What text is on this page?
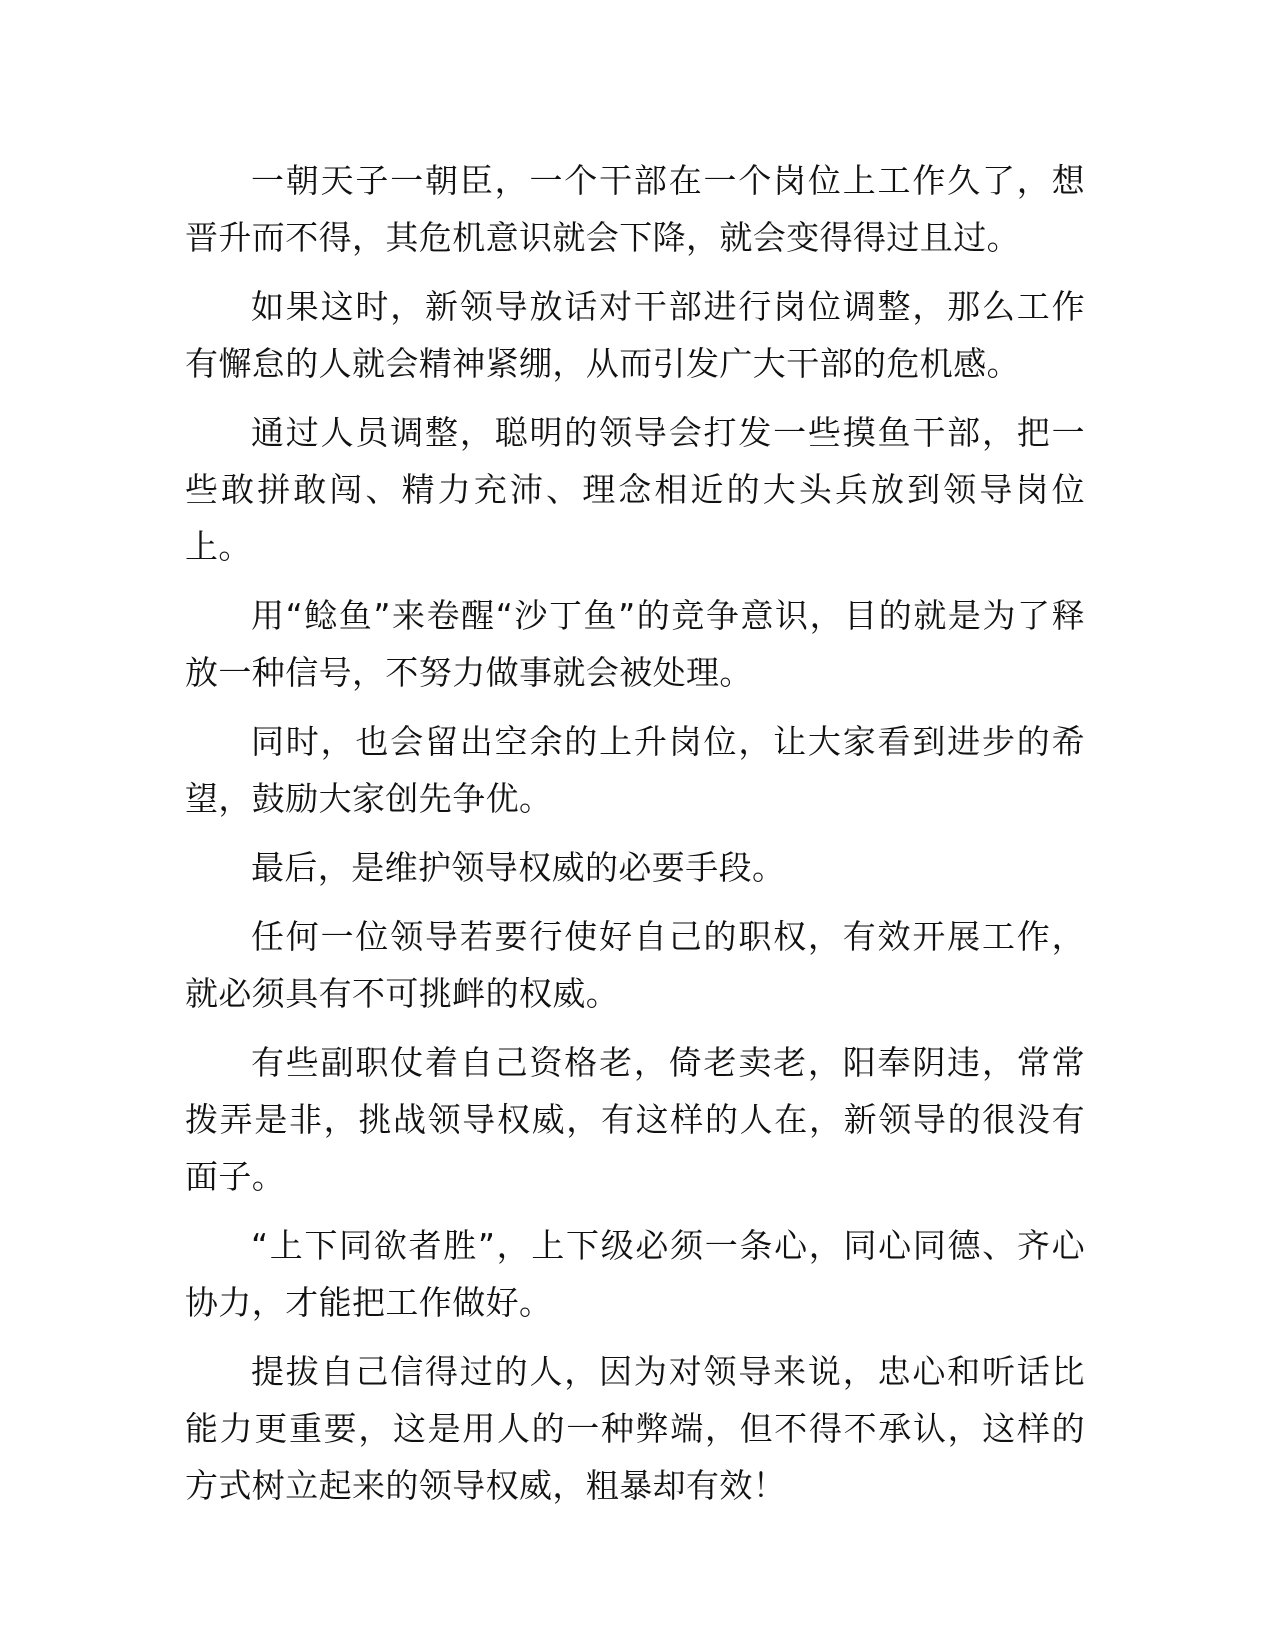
一朝天子一朝臣，一个干部在一个岗位上工作久了，想晋升而不得，其危机意识就会下降，就会变得得过且过。

如果这时，新领导放话对干部进行岗位调整，那么工作有懈怠的人就会精神紧绷，从而引发广大干部的危机感。

通过人员调整，聪明的领导会打发一些摸鱼干部，把一些敢拼敢闯、精力充沛、理念相近的大头兵放到领导岗位上。

用“鲶鱼”来卷醒“沙丁鱼”的竞争意识，目的就是为了释放一种信号，不努力做事就会被处理。

同时，也会留出空余的上升岗位，让大家看到进步的希望，鼓励大家创先争优。

最后，是维护领导权威的必要手段。

任何一位领导若要行使好自己的职权，有效开展工作，就必须具有不可挑衅的权威。

有些副职仗着自己资格老，倚老卖老，阳奉阴违，常常拨弄是非，挑战领导权威，有这样的人在，新领导的很没有面子。

“上下同欲者胜”，上下级必须一条心，同心同德、齐心协力，才能把工作做好。

提拔自己信得过的人，因为对领导来说，忠心和听话比能力更重要，这是用人的一种弊端，但不得不承认，这样的方式树立起来的领导权威，粗暴却有效！
